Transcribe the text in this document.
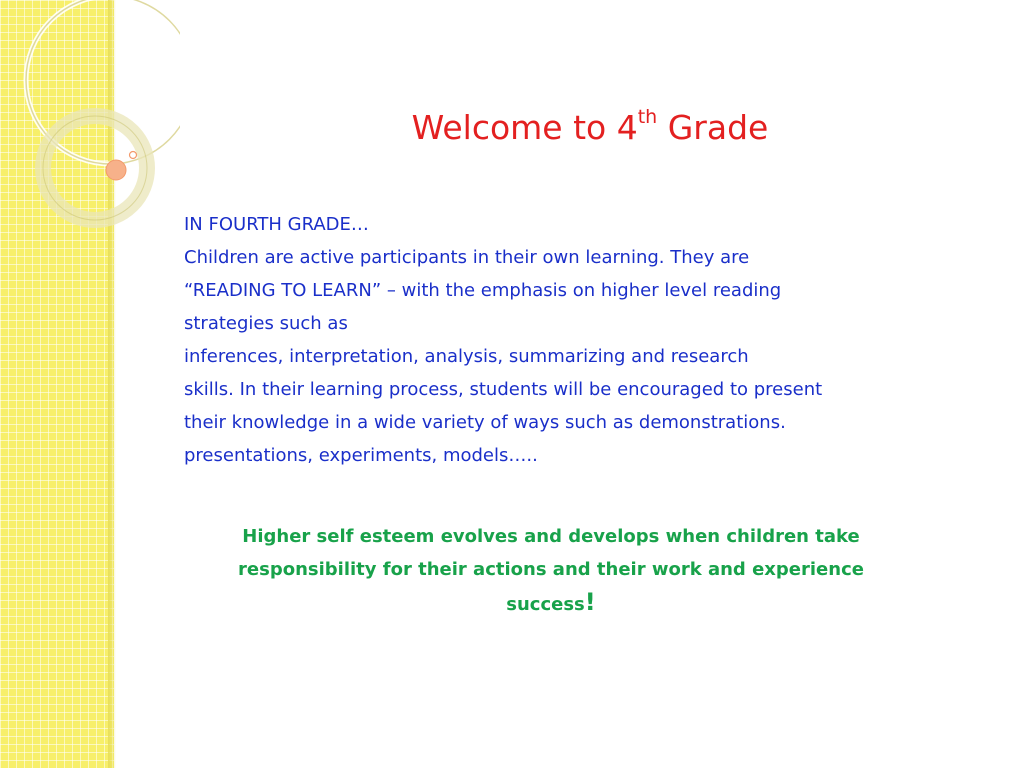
Welcome to 4th Grade
IN FOURTH GRADE…
Children are active participants in their own learning. They are
“READING TO LEARN” – with the emphasis on higher level reading
strategies such as
inferences, interpretation, analysis, summarizing and research
skills. In their learning process, students will be encouraged to present
their knowledge in a wide variety of ways such as demonstrations.
presentations, experiments, models…..
Higher self esteem evolves and develops when children take
responsibility for their actions and their work and experience
success!
